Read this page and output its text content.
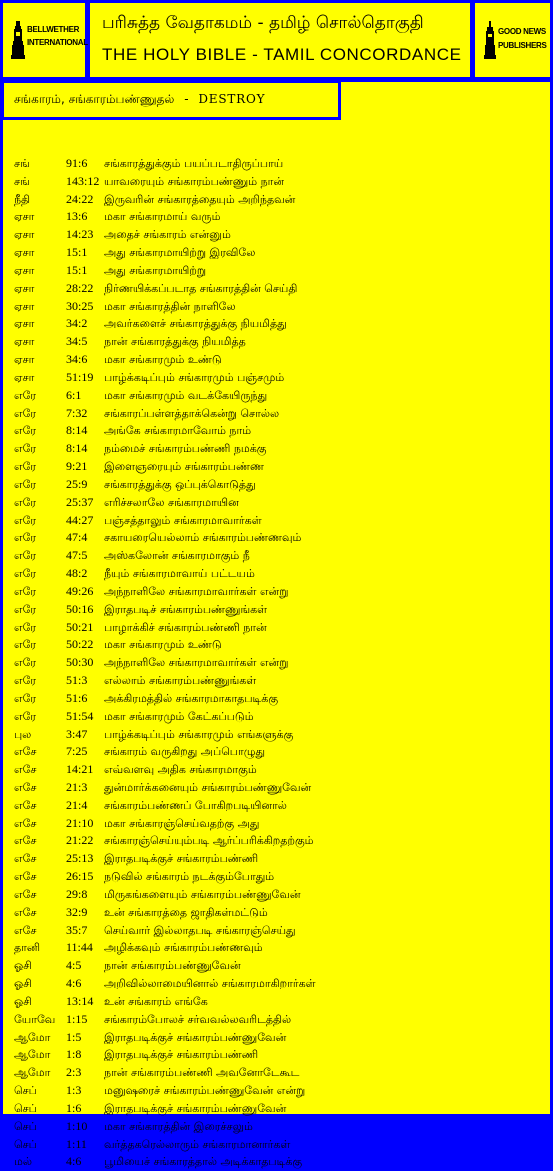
BELLWETHER
INTERNATIONAL
பரிசுத்த வேதாகமம் - தமிழ் சொல்தொகுதி
THE HOLY BIBLE - TAMIL CONCORDANCE
GOOD NEWS
PUBLISHERS
சங்காரம், சங்காரம்பண்ணுதல் - DESTROY
சங்	91:6	சங்காரத்துக்கும் பயப்படாதிருப்பாய்
சங்	143:12 யாவரையும் சங்காரம்பண்ணும் நான்
நீதி	24:22 இருவரின் சங்காரத்தையும் அறிந்தவன்
ஏசா	13:6	மகா சங்காரமாய் வரும்
ஏசா	14:23 அதைச் சங்காரம் என்னும்
ஏசா	15:1	அது சங்காரமாயிற்று இரவிலே
ஏசா	15:1	அது சங்காரமாயிற்று
ஏசா	28:22 நிர்ணயிக்கப்படாத சங்காரத்தின் செய்தி
ஏசா	30:25 மகா சங்காரத்தின் நாளிலே
ஏசா	34:2	அவர்களைச் சங்காரத்துக்கு நியமித்து
ஏசா	34:5	நான் சங்காரத்துக்கு நியமித்த
ஏசா	34:6	மகா சங்காரமும் உண்டு
ஏசா	51:19 பாழ்க்கடிப்பும் சங்காரமும் பஞ்சமும்
எரே	6:1	மகா சங்காரமும் வடக்கேயிருந்து
எரே	7:32	சங்காரப்பள்ளத்தாக்கென்று சொல்ல
எரே	8:14	அங்கே சங்காரமாவோம் நாம்
எரே	8:14	நம்மைச் சங்காரம்பண்ணி நமக்கு
எரே	9:21	இளைஞரையும் சங்காரம்பண்ண
எரே	25:9	சங்காரத்துக்கு ஒப்புக்கொடுத்து
எரே	25:37 எரிச்சலாலே சங்காரமாயின
எரே	44:27 பஞ்சத்தாலும் சங்காரமாவார்கள்
எரே	47:4	சகாயரையெல்லாம் சங்காரம்பண்ணவும்
எரே	47:5	அஸ்கலோன் சங்காரமாகும் நீ
எரே	48:2	நீயும் சங்காரமாவாய் பட்டயம்
எரே	49:26 அந்நாளிலே சங்காரமாவார்கள் என்று
எரே	50:16 இராதபடிச் சங்காரம்பண்ணுங்கள்
எரே	50:21 பாழாக்கிச் சங்காரம்பண்ணி நான்
எரே	50:22 மகா சங்காரமும் உண்டு
எரே	50:30 அந்நாளிலே சங்காரமாவார்கள் என்று
எரே	51:3	எல்லாம் சங்காரம்பண்ணுங்கள்
எரே	51:6	அக்கிரமத்தில் சங்காரமாகாதபடிக்கு
எரே	51:54 மகா சங்காரமும் கேட்கப்படும்
புல	3:47	பாழ்க்கடிப்பும் சங்காரமும் எங்களுக்கு
எசே	7:25	சங்காரம் வருகிறது அப்பொழுது
எசே	14:21 எவ்வளவு அதிக சங்காரமாகும்
எசே	21:3	துன்மார்க்கனையும் சங்காரம்பண்ணுவேன்
எசே	21:4	சங்காரம்பண்ணப் போகிறபடியினால்
எசே	21:10 மகா சங்காரஞ்செய்வதற்கு அது
எசே	21:22 சங்காரஞ்செய்யும்படி ஆர்ப்பரிக்கிறதற்கும்
எசே	25:13 இராதபடிக்குச் சங்காரம்பண்ணி
எசே	26:15 நடுவில் சங்காரம் நடக்கும்போதும்
எசே	29:8	மிருகங்களையும் சங்காரம்பண்ணுவேன்
எசே	32:9	உன் சங்காரத்தை ஜாதிகள்மட்டும்
எசே	35:7	செய்வார் இல்லாதபடி சங்காரஞ்செய்து
தானி	11:44	அழிக்கவும் சங்காரம்பண்ணவும்
ஓசி	4:5	நான் சங்காரம்பண்ணுவேன்
ஓசி	4:6	அறிவில்லாமையினால் சங்காரமாகிறார்கள்
ஓசி	13:14 உன் சங்காரம் எங்கே
யோவே 1:15	சங்காரம்போலச் சர்வவல்லவரிடத்தில்
ஆமோ	1:5	இராதபடிக்குச் சங்காரம்பண்ணுவேன்
ஆமோ	1:8	இராதபடிக்குச் சங்காரம்பண்ணி
ஆமோ	2:3	நான் சங்காரம்பண்ணி அவனோடேகூட
செப்	1:3	மனுஷரைச் சங்காரம்பண்ணுவேன் என்று
செப்	1:6	இராதபடிக்குச் சங்காரம்பண்ணுவேன்
செப்	1:10	மகா சங்காரத்தின் இரைச்சலும்
செப்	1:11	வர்த்தகரெல்லாரும் சங்காரமானார்கள்
மல்	4:6	பூமியைச் சங்காரத்தால் அடிக்காதபடிக்கு
